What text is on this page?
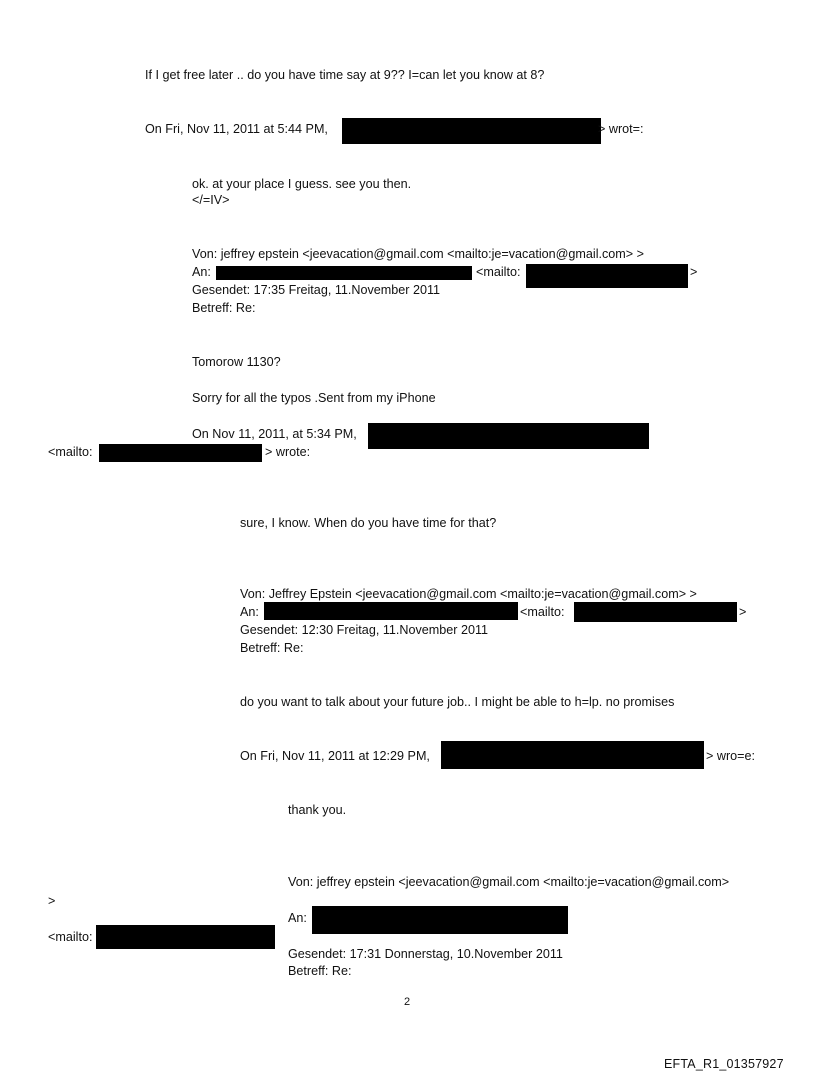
If I get free later .. do you have time say at 9?? I=can let you know at 8?
On Fri, Nov 11, 2011 at 5:44 PM,	> wrot=:
ok. at your place I guess. see you then.
</=IV>
Von: jeffrey epstein <jeevacation@gmail.com <mailto:je=vacation@gmail.com> >
An:	<mailto:	>
Gesendet: 17:35 Freitag, 11.November 2011
Betreff: Re:
Tomorow 1130?
Sorry for all the typos .Sent from my iPhone
On Nov 11, 2011, at 5:34 PM,
<mailto:	> wrote:
sure, I know. When do you have time for that?
Von: Jeffrey Epstein <jeevacation@gmail.com <mailto:je=vacation@gmail.com> >
An:	<mailto:	>
Gesendet: 12:30 Freitag, 11.November 2011
Betreff: Re:
do you want to talk about your future job.. I might be able to h=lp. no promises
On Fri, Nov 11, 2011 at 12:29 PM,	> wro=e:
thank you.
Von: jeffrey epstein <jeevacation@gmail.com <mailto:je=vacation@gmail.com>
>
An:
<mailto:
Gesendet: 17:31 Donnerstag, 10.November 2011
Betreff: Re:
2
EFTA_R1_01357927
